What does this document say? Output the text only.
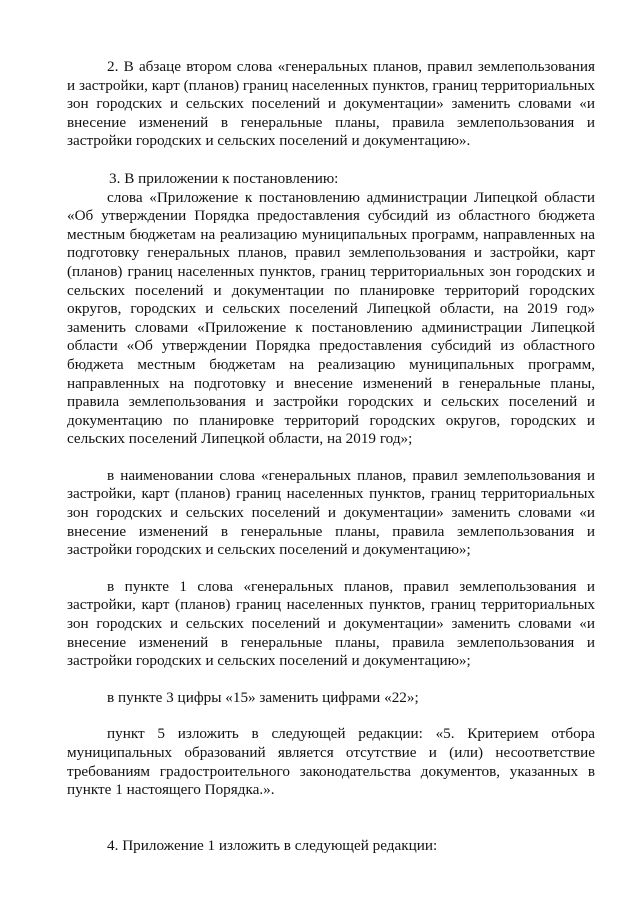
2. В абзаце втором слова «генеральных планов, правил землепользования и застройки, карт (планов) границ населенных пунктов, границ территориальных зон городских и сельских поселений и документации» заменить словами «и внесение изменений в генеральные планы, правила землепользования и застройки городских и сельских поселений и документацию».

3. В приложении к постановлению:

слова «Приложение к постановлению администрации Липецкой области «Об утверждении Порядка предоставления субсидий из областного бюджета местным бюджетам на реализацию муниципальных программ, направленных на подготовку генеральных планов, правил землепользования и застройки, карт (планов) границ населенных пунктов, границ территориальных зон городских и сельских поселений и документации по планировке территорий городских округов, городских и сельских поселений Липецкой области, на 2019 год» заменить словами «Приложение к постановлению администрации Липецкой области «Об утверждении Порядка предоставления субсидий из областного бюджета местным бюджетам на реализацию муниципальных программ, направленных на подготовку и внесение изменений в генеральные планы, правила землепользования и застройки городских и сельских поселений и документацию по планировке территорий городских округов, городских и сельских поселений Липецкой области, на 2019 год»;

в наименовании слова «генеральных планов, правил землепользования и застройки, карт (планов) границ населенных пунктов, границ территориальных зон городских и сельских поселений и документации» заменить словами «и внесение изменений в генеральные планы, правила землепользования и застройки городских и сельских поселений и документацию»;

в пункте 1 слова «генеральных планов, правил землепользования и застройки, карт (планов) границ населенных пунктов, границ территориальных зон городских и сельских поселений и документации» заменить словами «и внесение изменений в генеральные планы, правила землепользования и застройки городских и сельских поселений и документацию»;

в пункте 3 цифры «15» заменить цифрами «22»;

пункт 5 изложить в следующей редакции: «5. Критерием отбора муниципальных образований является отсутствие и (или) несоответствие требованиям градостроительного законодательства документов, указанных в пункте 1 настоящего Порядка.».

4. Приложение 1 изложить в следующей редакции:
